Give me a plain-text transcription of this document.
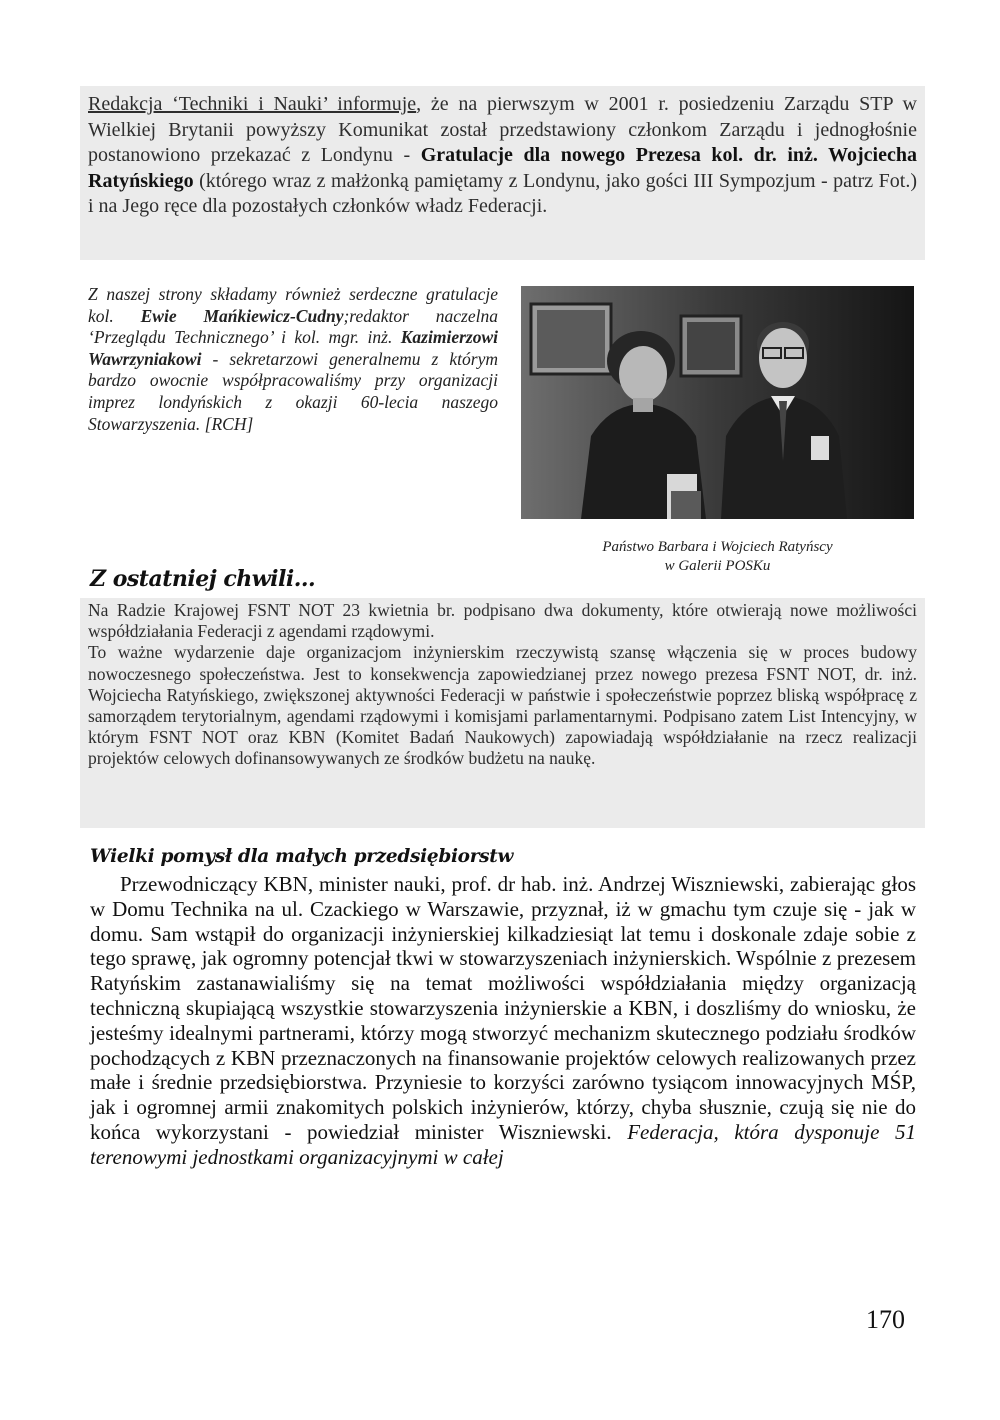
Redakcja ‘Techniki i Nauki’ informuje, że na pierwszym w 2001 r. posiedzeniu Zarządu STP w Wielkiej Brytanii powyższy Komunikat został przedstawiony członkom Zarządu i jednogłośnie postanowiono przekazać z Londynu - Gratulacje dla nowego Prezesa kol. dr. inż. Wojciecha Ratyńskiego (którego wraz z małżonką pamiętamy z Londynu, jako gości III Sympozjum - patrz Fot.) i na Jego ręce dla pozostałych członków władz Federacji.
Z naszej strony składamy również serdeczne gratulacje kol. Ewie Mańkiewicz-Cudny;redaktor naczelna ‘Przeglądu Technicznego’ i kol. mgr. inż. Kazimierzowi Wawrzyniakowi - sekretarzowi generalnemu z którym bardzo owocnie współpracowaliśmy przy organizacji imprez londyńskich z okazji 60-lecia naszego Stowarzyszenia. [RCH]
Państwo Barbara i Wojciech Ratyńscy
w Galerii POSKu
Z ostatniej chwili...

Na Radzie Krajowej FSNT NOT 23 kwietnia br. podpisano dwa dokumenty, które otwierają nowe możliwości współdziałania Federacji z agendami rządowymi.

To ważne wydarzenie daje organizacjom inżynierskim rzeczywistą szansę włączenia się w proces budowy nowoczesnego społeczeństwa. Jest to konsekwencja zapowiedzianej przez nowego prezesa FSNT NOT, dr. inż. Wojciecha Ratyńskiego, zwiększonej aktywności Federacji w państwie i społeczeństwie poprzez bliską współpracę z samorządem terytorialnym, agendami rządowymi i komisjami parlamentarnymi. Podpisano zatem List Intencyjny, w którym FSNT NOT oraz KBN (Komitet Badań Naukowych) zapowiadają współdziałanie na rzecz realizacji projektów celowych dofinansowywanych ze środków budżetu na naukę.

Wielki pomysł dla małych przedsiębiorstw
Przewodniczący KBN, minister nauki, prof. dr hab. inż. Andrzej Wiszniewski, zabierając głos w Domu Technika na ul. Czackiego w Warszawie, przyznał, iż w gmachu tym czuje się - jak w domu. Sam wstąpił do organizacji inżynierskiej kilkadziesiąt lat temu i doskonale zdaje sobie z tego sprawę, jak ogromny potencjał tkwi w stowarzyszeniach inżynierskich. Wspólnie z prezesem Ratyńskim zastanawialiśmy się na temat możliwości współdziałania między organizacją techniczną skupiającą wszystkie stowarzyszenia inżynierskie a KBN, i doszliśmy do wniosku, że jesteśmy idealnymi partnerami, którzy mogą stworzyć mechanizm skutecznego podziału środków pochodzących z KBN przeznaczonych na finansowanie projektów celowych realizowanych przez małe i średnie przedsiębiorstwa. Przyniesie to korzyści zarówno tysiącom innowacyjnych MŚP, jak i ogromnej armii znakomitych polskich inżynierów, którzy, chyba słusznie, czują się nie do końca wykorzystani - powiedział minister Wiszniewski. Federacja, która dysponuje 51 terenowymi jednostkami organizacyjnymi w całej
170
